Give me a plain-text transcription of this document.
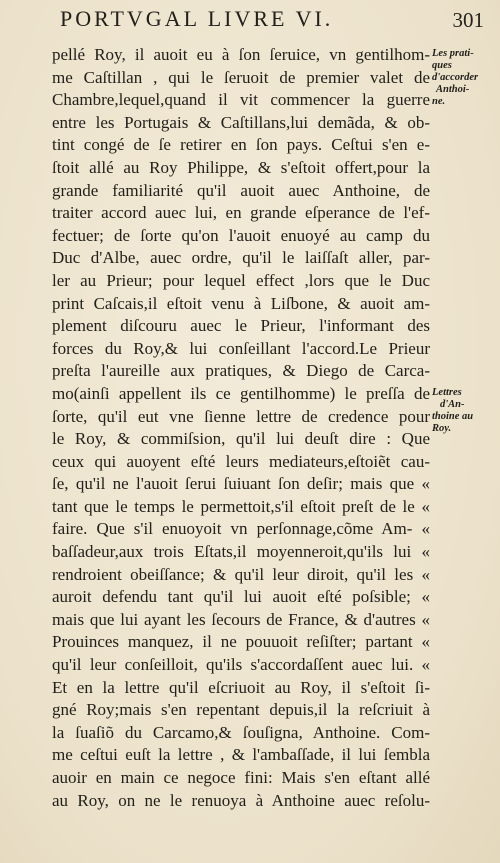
PORTVGAL LIVRE VI.	301
pellé Roy, il auoit eu à ſon ſeruice, vn gentilhom-
me Caſtillan , qui le ſeruoit de premier valet de
Chambre,lequel,quand il vit commencer la guerre
entre les Portugais & Caſtillans,lui demãda, & ob-
tint congé de ſe retirer en ſon pays. Ceſtui s'en e-
ſtoit allé au Roy Philippe, & s'eſtoit offert,pour la
grande familiarité qu'il auoit auec Anthoine, de
traiter accord auec lui, en grande eſperance de l'ef-
fectuer; de ſorte qu'on l'auoit enuoyé au camp du
Duc d'Albe, auec ordre, qu'il le laiſſaſt aller, par-
ler au Prieur; pour lequel effect ,lors que le Duc
print Caſcais,il eſtoit venu à Liſbone, & auoit am-
plement diſcouru auec le Prieur, l'informant des
forces du Roy,& lui conſeillant l'accord.Le Prieur
preſta l'aureille aux pratiques, & Diego de Carca-
mo(ainſi appellent ils ce gentilhomme) le preſſa de
ſorte, qu'il eut vne ſienne lettre de credence pour
le Roy, & commiſsion, qu'il lui deuſt dire : Que
ceux qui auoyent eſté leurs mediateurs,eſtoiẽt cau-
ſe, qu'il ne l'auoit ſerui ſuiuant ſon deſir; mais que «
tant que le temps le permettoit,s'il eſtoit preſt de le «
faire. Que s'il enuoyoit vn perſonnage,cõme Am- «
baſſadeur,aux trois Eſtats,il moyenneroit,qu'ils lui «
rendroient obeiſſance; & qu'il leur diroit, qu'il les «
auroit defendu tant qu'il lui auoit eſté poſsible; «
mais que lui ayant les ſecours de France, & d'autres «
Prouinces manquez, il ne pouuoit reſiſter; partant «
qu'il leur conſeilloit, qu'ils s'accordaſſent auec lui. «
Et en la lettre qu'il eſcriuoit au Roy, il s'eſtoit ſi-
gné Roy;mais s'en repentant depuis,il la reſcriuit à
la ſuaſiõ du Carcamo,& ſouſigna, Anthoine. Com-
me ceſtui euſt la lettre , & l'ambaſſade, il lui ſembla
auoir en main ce negoce fini: Mais s'en eſtant allé
au Roy, on ne le renuoya à Anthoine auec reſolu-
Les prati-
ques
d'accorder
Anthoi-
ne.
Lettres
d'An-
thoine au
Roy.
